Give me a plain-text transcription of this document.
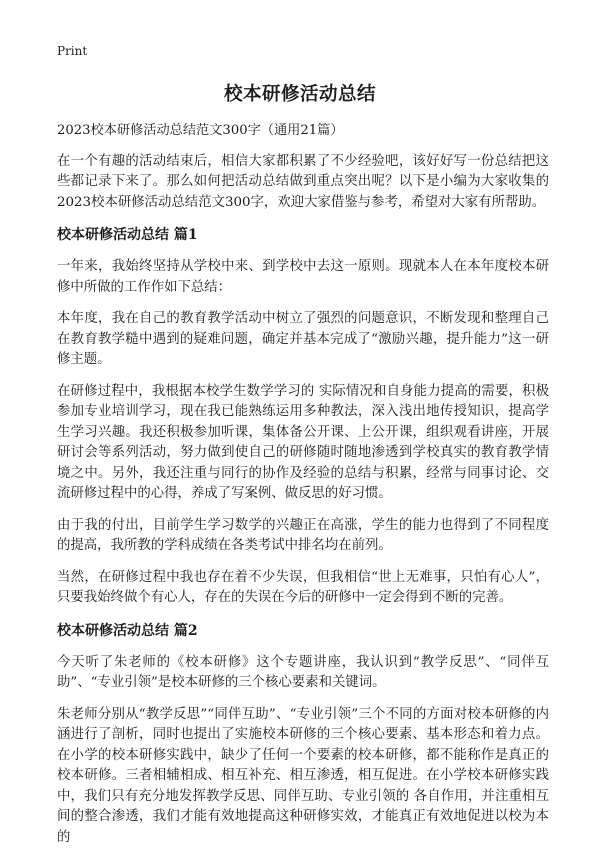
Print
校本研修活动总结

2023校本研修活动总结范文300字（通用21篇）

在一个有趣的活动结束后，相信大家都积累了不少经验吧，该好好写一份总结把这些都记录下来了。那么如何把活动总结做到重点突出呢？以下是小编为大家收集的2023校本研修活动总结范文300字，欢迎大家借鉴与参考，希望对大家有所帮助。

校本研修活动总结 篇1

一年来，我始终坚持从学校中来、到学校中去这一原则。现就本人在本年度校本研修中所做的工作作如下总结：

本年度，我在自己的教育教学活动中树立了强烈的问题意识，不断发现和整理自己在教育教学糙中遇到的疑难问题，确定并基本完成了“激励兴趣，提升能力”这一研修主题。

在研修过程中，我根据本校学生数学学习的 实际情况和自身能力提高的需要，积极参加专业培训学习，现在我已能熟练运用多种教法，深入浅出地传授知识，提高学生学习兴趣。我还积极参加听课，集体备公开课、上公开课，组织观看讲座，开展研讨会等系列活动，努力做到使自己的研修随时随地渗透到学校真实的教育教学情境之中。另外，我还注重与同行的协作及经验的总结与积累，经常与同事讨论、交流研修过程中的心得，养成了写案例、做反思的好习惯。

由于我的付出，目前学生学习数学的兴趣正在高涨，学生的能力也得到了不同程度的提高，我所教的学科成绩在各类考试中排名均在前列。

当然，在研修过程中我也存在着不少失误，但我相信“世上无难事，只怕有心人”，只要我始终做个有心人，存在的失误在今后的研修中一定会得到不断的完善。

校本研修活动总结 篇2

今天听了朱老师的《校本研修》这个专题讲座，我认识到“教学反思”、“同伴互助”、“专业引领”是校本研修的三个核心要素和关键词。

朱老师分别从“教学反思”“同伴互助”、“专业引领”三个不同的方面对校本研修的内涵进行了剖析，同时也提出了实施校本研修的三个核心要素、基本形态和着力点。在小学的校本研修实践中，缺少了任何一个要素的校本研修，都不能称作是真正的校本研修。三者相辅相成、相互补充、相互渗透，相互促进。在小学校本研修实践中，我们只有充分地发挥教学反思、同伴互助、专业引领的 各自作用，并注重相互间的整合渗透，我们才能有效地提高这种研修实效，才能真正有效地促进以校为本的
